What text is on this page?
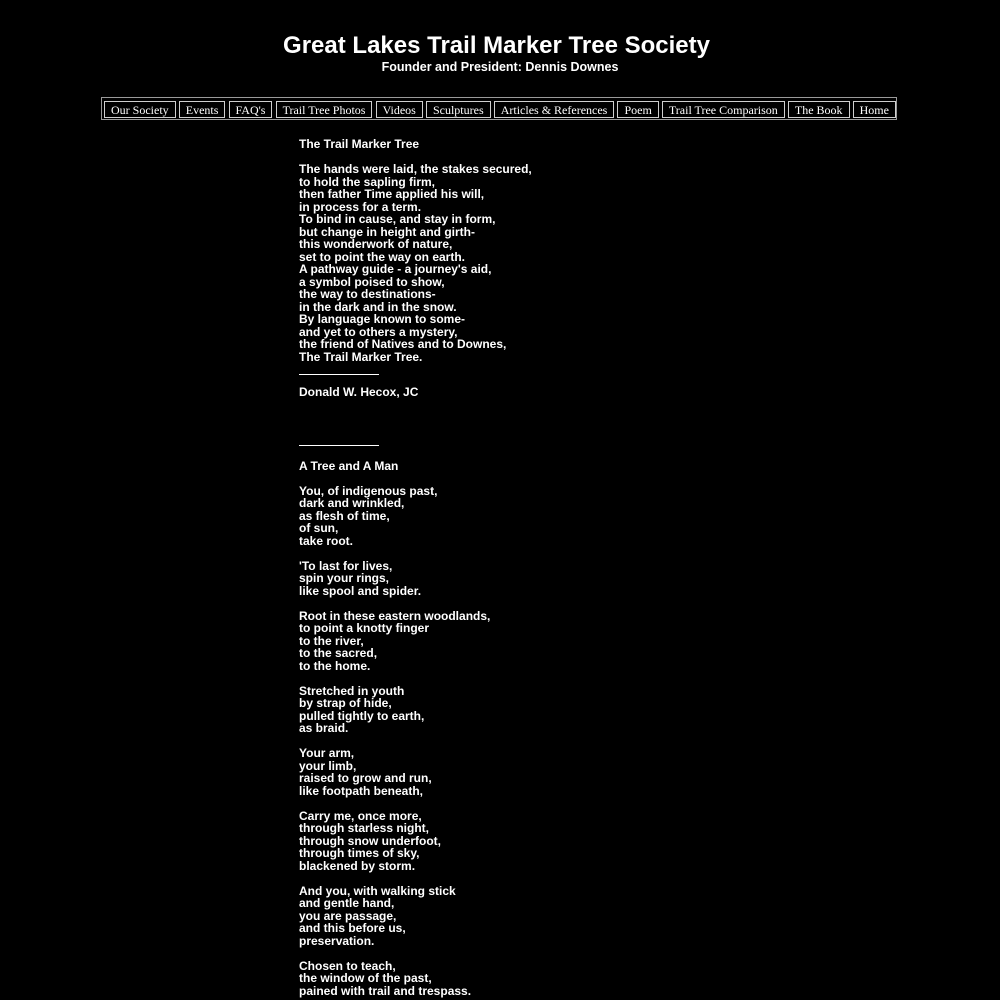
Great Lakes Trail Marker Tree Society
Founder and President: Dennis Downes
Our Society	Events	FAQ's	Trail Tree Photos	Videos	Sculptures	Articles & References	Poem	Trail Tree Comparison	The Book	Home
The Trail Marker Tree
The hands were laid, the stakes secured,
to hold the sapling firm,
then father Time applied his will,
in process for a term.
To bind in cause, and stay in form,
but change in height and girth-
this wonderwork of nature,
set to point the way on earth.
A pathway guide - a journey's aid,
a symbol poised to show,
the way to destinations-
in the dark and in the snow.
By language known to some-
and yet to others a mystery,
the friend of Natives and to Downes,
The Trail Marker Tree.
Donald W. Hecox, JC
A Tree and A Man
You, of indigenous past,
dark and wrinkled,
as flesh of time,
of sun,
take root.
'To last for lives,
spin your rings,
like spool and spider.
Root in these eastern woodlands,
to point a knotty finger
to the river,
to the sacred,
to the home.
Stretched in youth
by strap of hide,
pulled tightly to earth,
as braid.
Your arm,
your limb,
raised to grow and run,
like footpath beneath,
Carry me, once more,
through starless night,
through snow underfoot,
through times of sky,
blackened by storm.
And you, with walking stick
and gentle hand,
you are passage,
and this before us,
preservation.
Chosen to teach,
the window of the past,
pained with trail and trespass.
